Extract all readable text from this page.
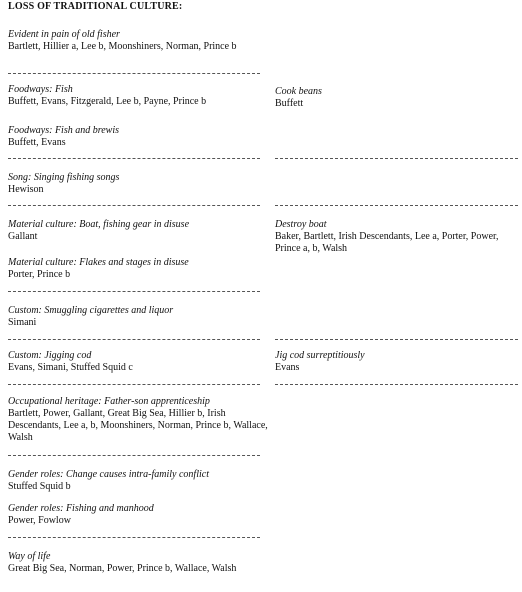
LOSS OF TRADITIONAL CULTURE:
Evident in pain of old fisher
Bartlett, Hillier a, Lee b, Moonshiners, Norman, Prince b
Foodways: Fish
Buffett, Evans, Fitzgerald, Lee b, Payne, Prince b
Foodways: Fish and brewis
Buffett, Evans
Song: Singing fishing songs
Hewison
Material culture: Boat, fishing gear in disuse
Gallant
Material culture: Flakes and stages in disuse
Porter, Prince b
Custom: Smuggling cigarettes and liquor
Simani
Custom: Jigging cod
Evans, Simani, Stuffed Squid c
Occupational heritage: Father-son apprenticeship
Bartlett, Power, Gallant, Great Big Sea, Hillier b, Irish Descendants, Lee a, b, Moonshiners, Norman, Prince b, Wallace, Walsh
Gender roles: Change causes intra-family conflict
Stuffed Squid b
Gender roles: Fishing and manhood
Power, Fowlow
Way of life
Great Big Sea, Norman, Power, Prince b, Wallace, Walsh
Cook beans
Buffett
Destroy boat
Baker, Bartlett, Irish Descendants, Lee a, Porter, Power, Prince a, b, Walsh
Jig cod surreptitiously
Evans
